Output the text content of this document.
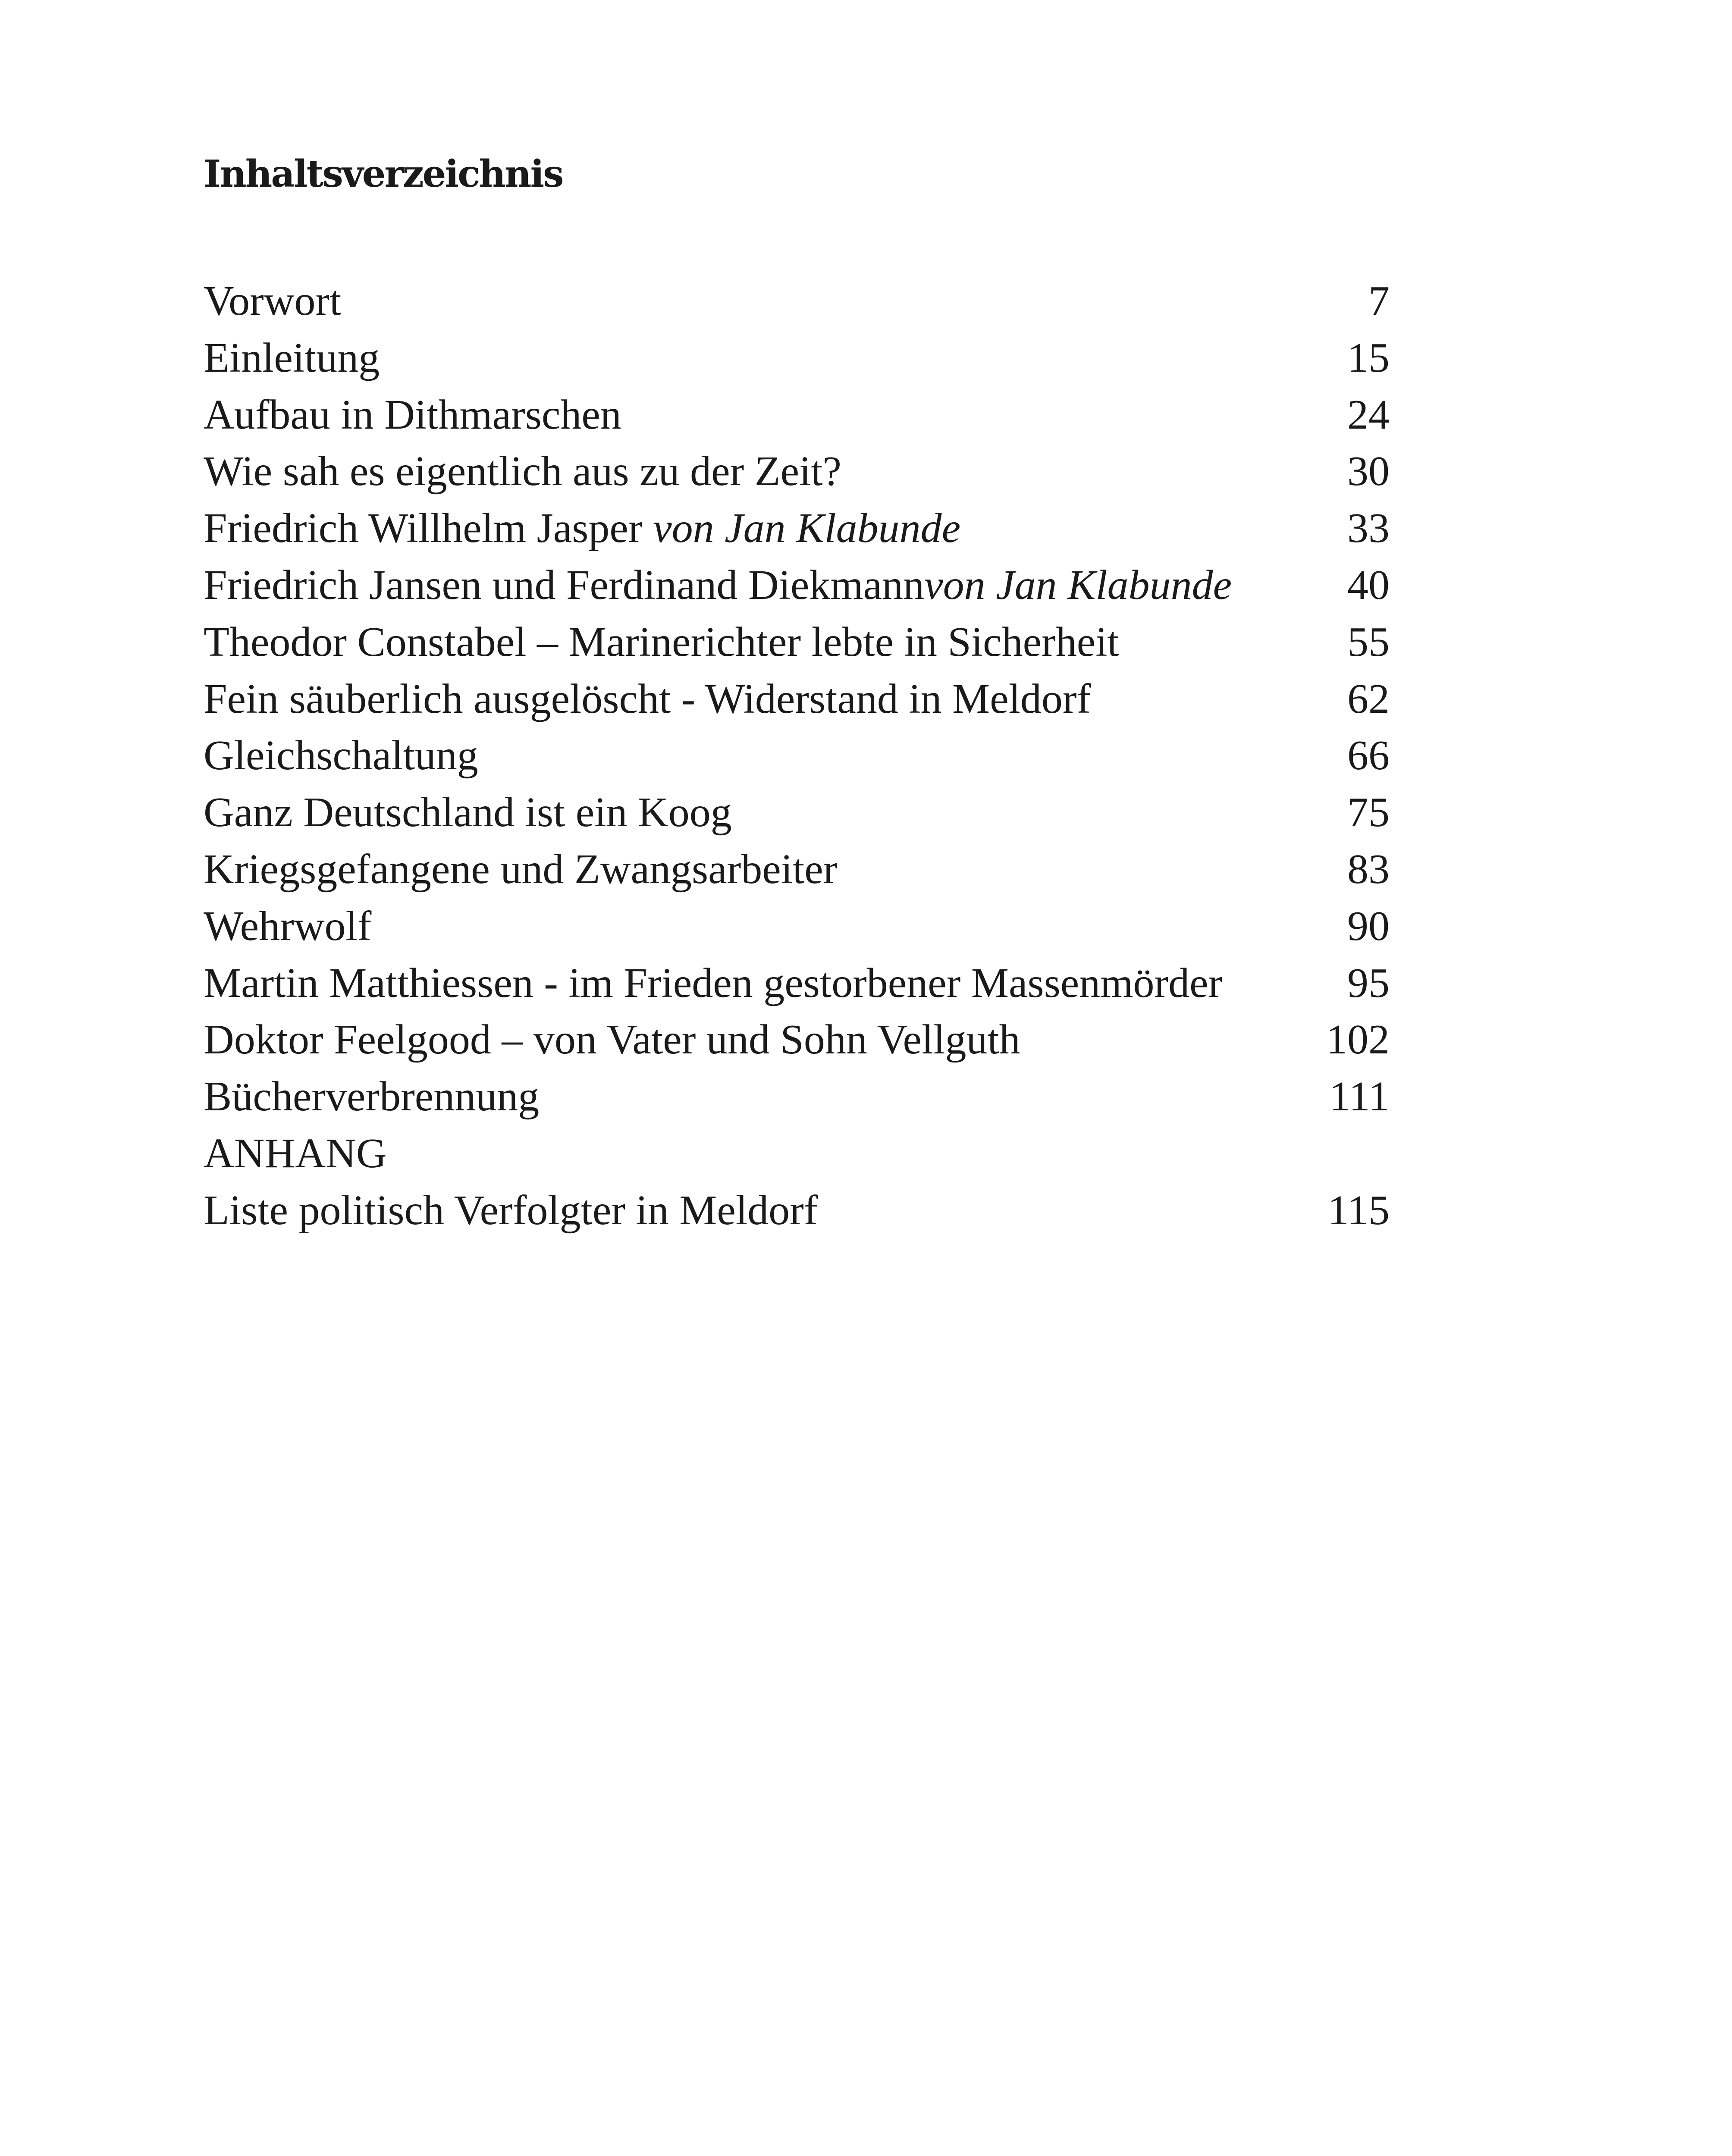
Inhaltsverzeichnis
Vorwort	7
Einleitung	15
Aufbau in Dithmarschen	24
Wie sah es eigentlich aus zu der Zeit?	30
Friedrich Willhelm Jasper von Jan Klabunde	33
Friedrich Jansen und Ferdinand Diekmannvon Jan Klabunde	40
Theodor Constabel – Marinerichter lebte in Sicherheit	55
Fein säuberlich ausgelöscht - Widerstand in Meldorf	62
Gleichschaltung	66
Ganz Deutschland ist ein Koog	75
Kriegsgefangene und Zwangsarbeiter	83
Wehrwolf	90
Martin Matthiessen - im Frieden gestorbener Massenmörder	95
Doktor Feelgood – von Vater und Sohn Vellguth	102
Bücherverbrennung	111
ANHANG
Liste politisch Verfolgter in Meldorf	115
